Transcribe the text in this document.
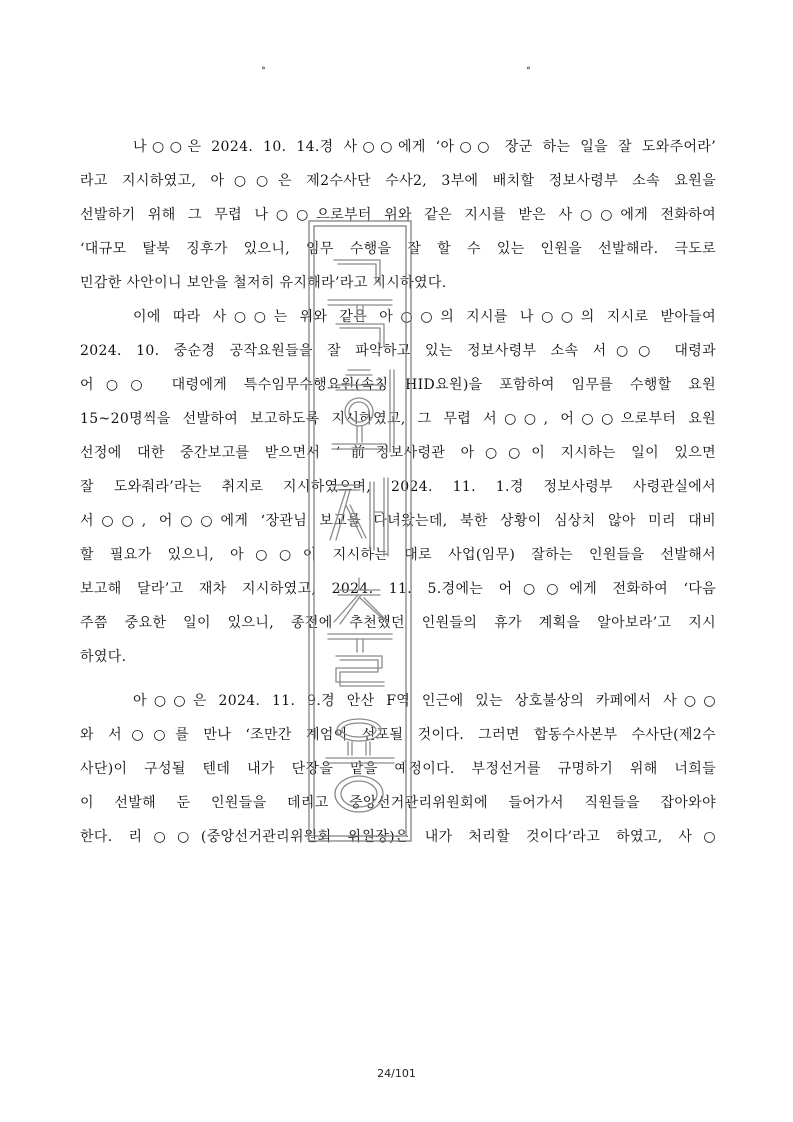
∘	∘
나○○은 2024. 10. 14.경 사○○에게 ‘아○○ 장군 하는 일을 잘 도와주어라’
라고 지시하였고, 아○○은 제2수사단 수사2, 3부에 배치할 정보사령부 소속 요원을
선발하기 위해 그 무렵 나○○으로부터 위와 같은 지시를 받은 사○○에게 전화하여
‘대규모 탈북 징후가 있으니, 임무 수행을 잘 할 수 있는 인원을 선발해라. 극도로
민감한 사안이니 보안을 철저히 유지해라’라고 지시하였다.
이에 따라 사○○는 위와 같은 아○○의 지시를 나○○의 지시로 받아들여
2024. 10. 중순경 공작요원들을 잘 파악하고 있는 정보사령부 소속 서○○ 대령과
어○○ 대령에게 특수임무수행요원(속칭 HID요원)을 포함하여 임무를 수행할 요원
15~20명씩을 선발하여 보고하도록 지시하였고, 그 무렵 서○○, 어○○으로부터 요원
선정에 대한 중간보고를 받으면서 ‘前정보사령관 아○○이 지시하는 일이 있으면
잘 도와줘라’라는 취지로 지시하였으며, 2024. 11. 1.경 정보사령부 사령관실에서
서○○, 어○○에게 ‘장관님 보고를 다녀왔는데, 북한 상황이 심상치 않아 미리 대비
할 필요가 있으니, 아○○이 지시하는 대로 사업(임무) 잘하는 인원들을 선발해서
보고해 달라’고 재차 지시하였고, 2024. 11. 5.경에는 어○○에게 전화하여 ‘다음
주쯤 중요한 일이 있으니, 종전에 추천했던 인원들의 휴가 계획을 알아보라’고 지시
하였다.
아○○은 2024. 11. 9.경 안산 F역 인근에 있는 상호불상의 카페에서 사○○
와 서○○를 만나 ‘조만간 계엄이 선포될 것이다. 그러면 합동수사본부 수사단(제2수
사단)이 구성될 텐데 내가 단장을 맡을 예정이다. 부정선거를 규명하기 위해 너희들
이 선발해 둔 인원들을 데리고 중앙선거관리위원회에 들어가서 직원들을 잡아와야
한다. 리○○(중앙선거관리위원회 위원장)은 내가 처리할 것이다’라고 하였고, 사○
24/101
